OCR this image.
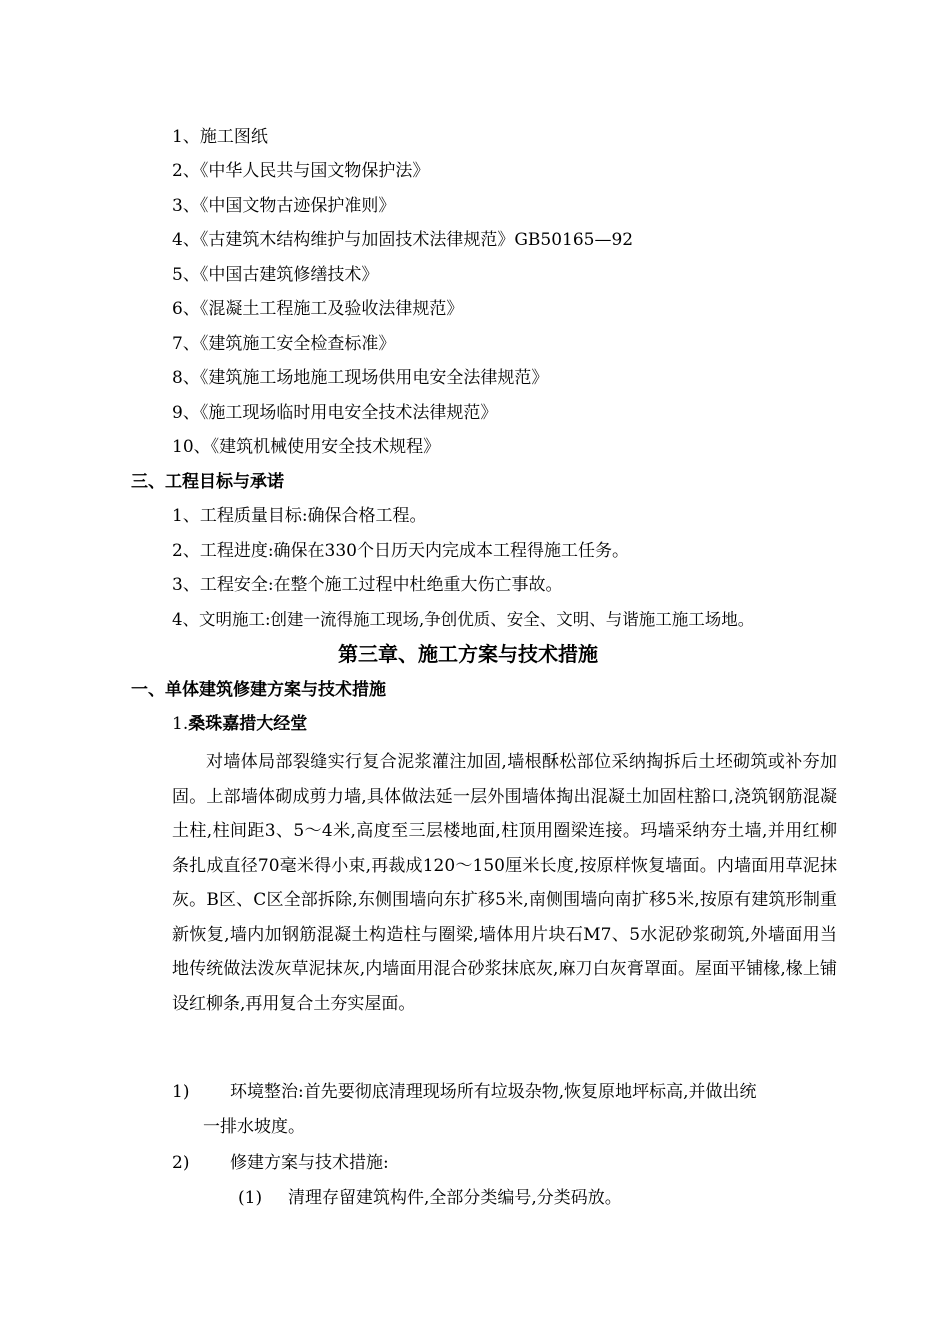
1、施工图纸
2、《中华人民共与国文物保护法》
3、《中国文物古迹保护准则》
4、《古建筑木结构维护与加固技术法律规范》GB50165—92
5、《中国古建筑修缮技术》
6、《混凝土工程施工及验收法律规范》
7、《建筑施工安全检查标准》
8、《建筑施工场地施工现场供用电安全法律规范》
9、《施工现场临时用电安全技术法律规范》
10、《建筑机械使用安全技术规程》
三、工程目标与承诺
1、工程质量目标:确保合格工程。
2、工程进度:确保在330个日历天内完成本工程得施工任务。
3、工程安全:在整个施工过程中杜绝重大伤亡事故。
4、文明施工:创建一流得施工现场,争创优质、安全、文明、与谐施工施工场地。
第三章、施工方案与技术措施
一、单体建筑修建方案与技术措施
1.桑珠嘉措大经堂
对墙体局部裂缝实行复合泥浆灌注加固,墙根酥松部位采纳掏拆后土坯砌筑或补夯加固。上部墙体砌成剪力墙,具体做法延一层外围墙体掏出混凝土加固柱豁口,浇筑钢筋混凝土柱,柱间距3、5～4米,高度至三层楼地面,柱顶用圈梁连接。玛墙采纳夯土墙,并用红柳条扎成直径70毫米得小束,再裁成120～150厘米长度,按原样恢复墙面。内墙面用草泥抹灰。B区、C区全部拆除,东侧围墙向东扩移5米,南侧围墙向南扩移5米,按原有建筑形制重新恢复,墙内加钢筋混凝土构造柱与圈梁,墙体用片块石M7、5水泥砂浆砌筑,外墙面用当地传统做法泼灰草泥抹灰,内墙面用混合砂浆抹底灰,麻刀白灰膏罩面。屋面平铺椽,椽上铺设红柳条,再用复合土夯实屋面。
1) 环境整治:首先要彻底清理现场所有垃圾杂物,恢复原地坪标高,并做出统
一排水坡度。
2) 修建方案与技术措施:
(1) 清理存留建筑构件,全部分类编号,分类码放。
